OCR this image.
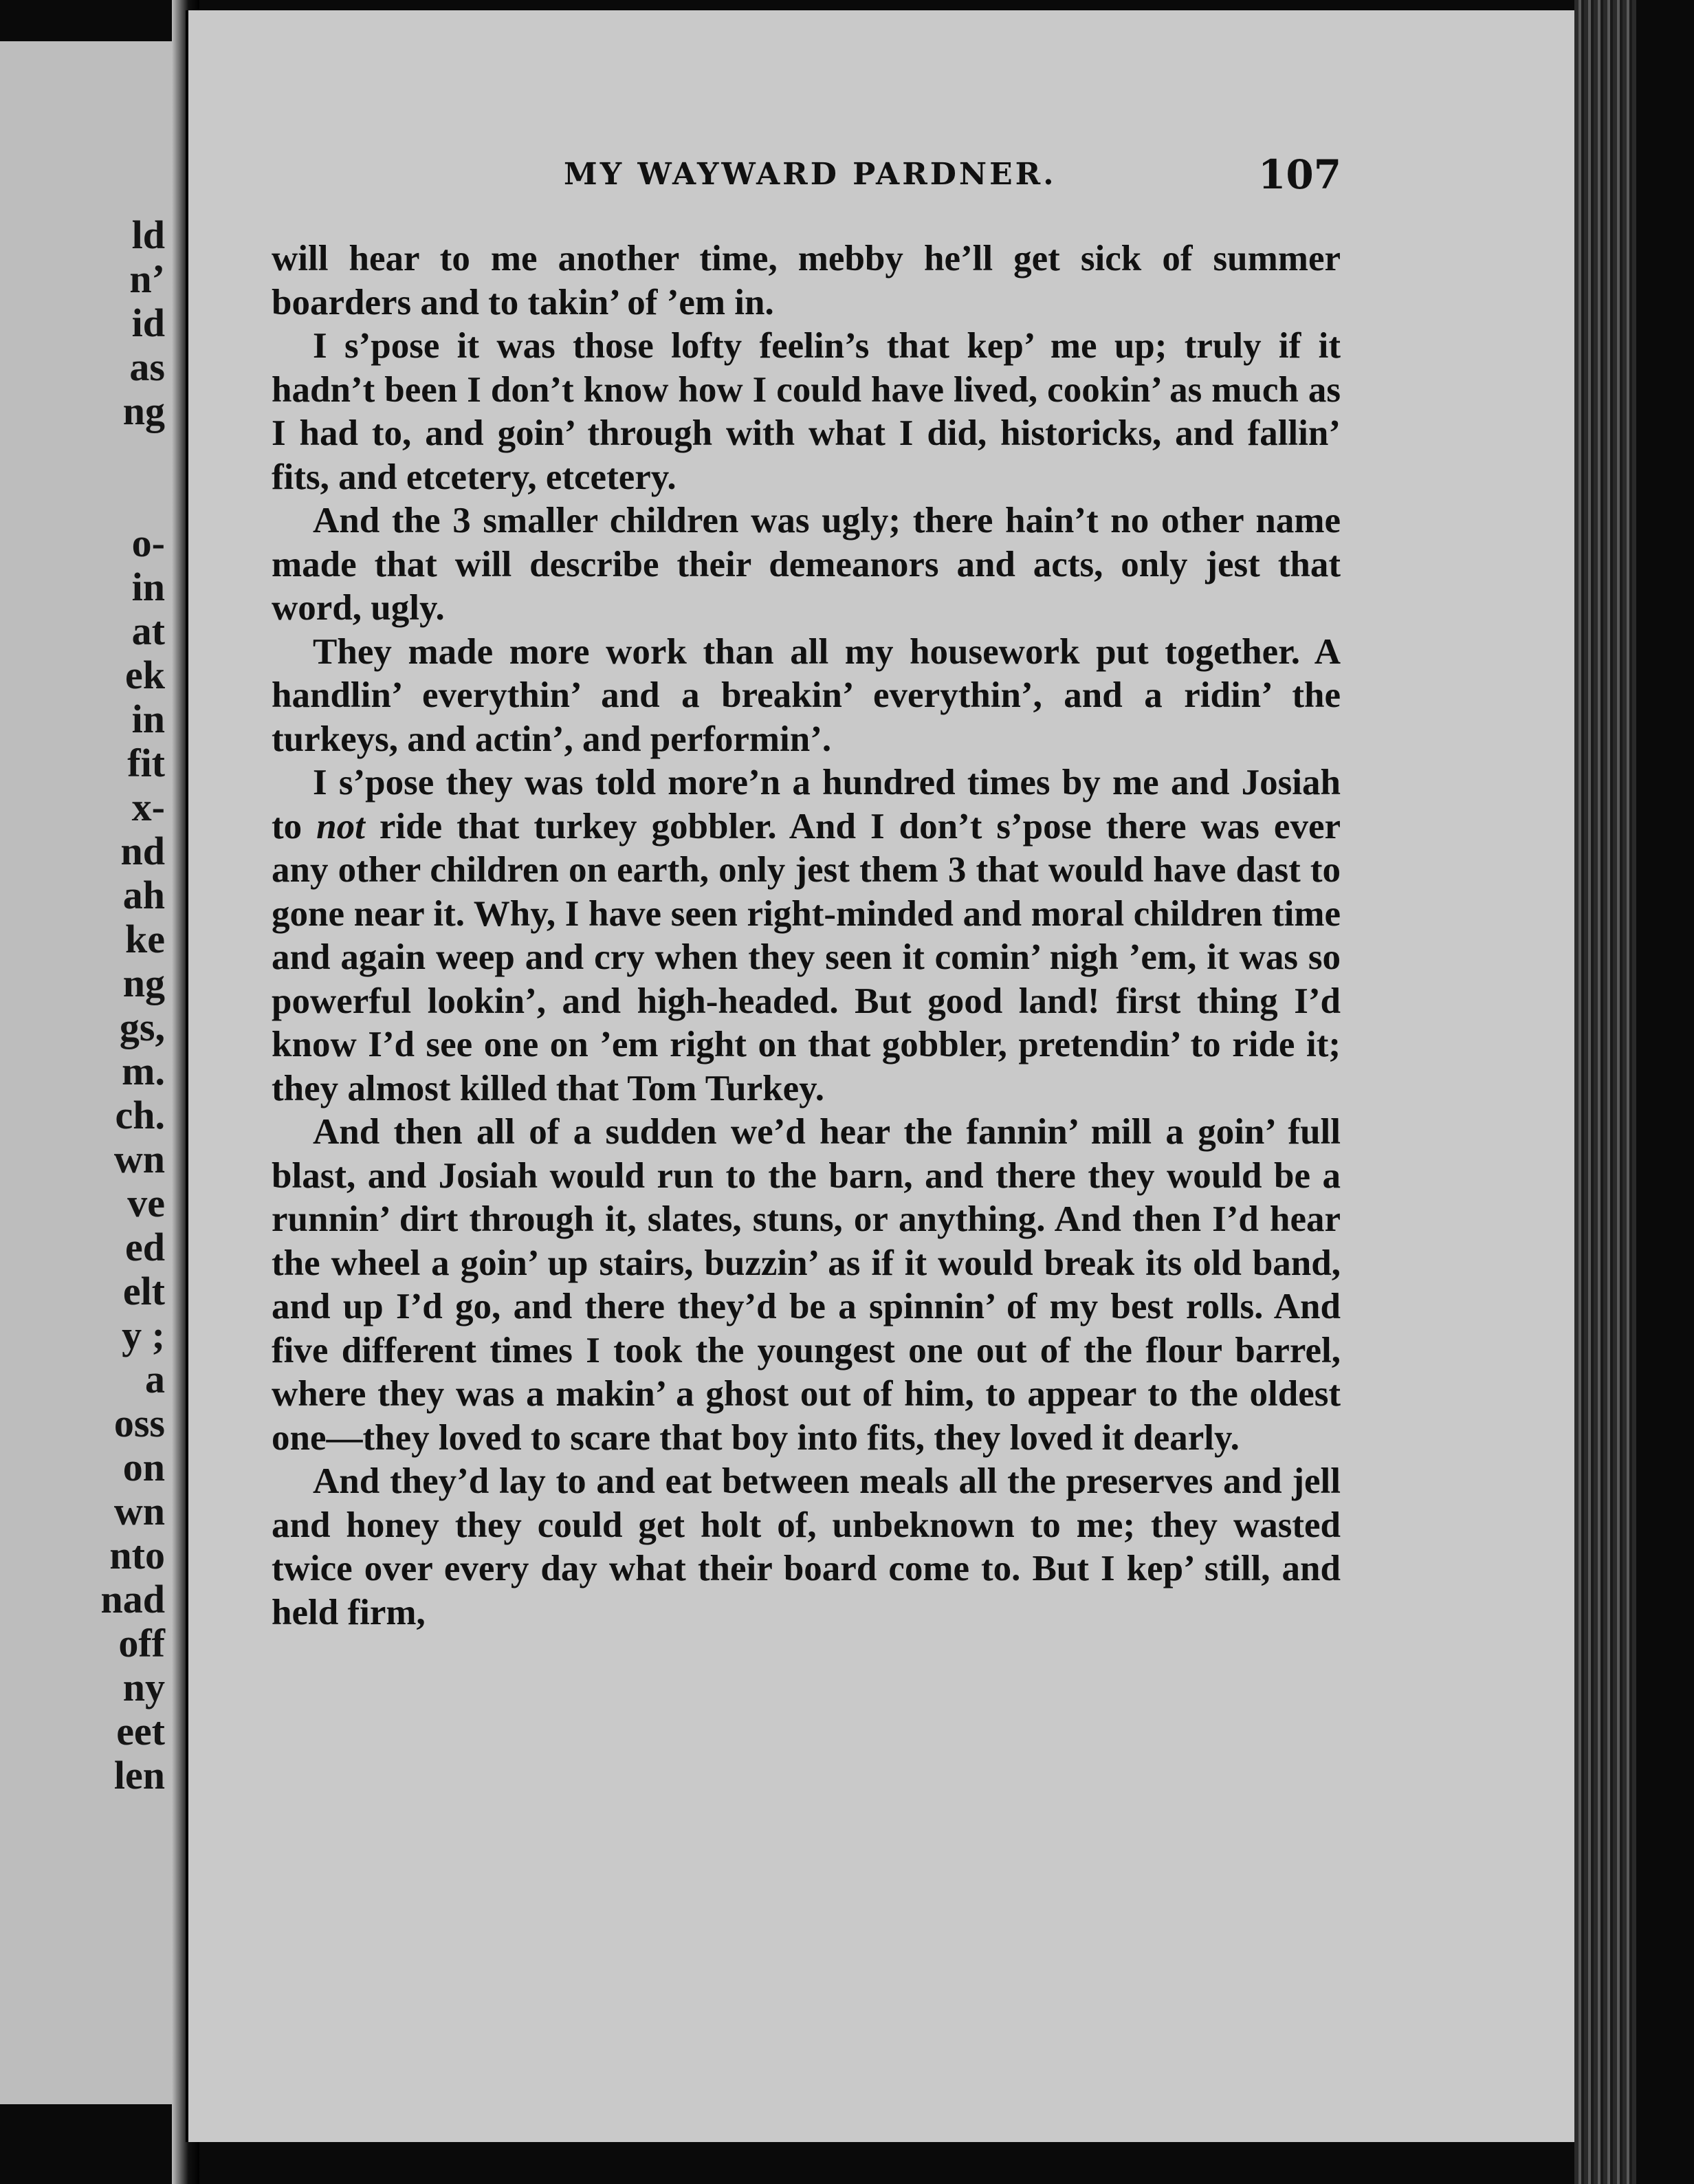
ld
n’
id
as
ng
o-
in
at
ek
in
fit
x-
nd
ah
ke
ng
gs,
m.
ch.
wn
ve
ed
elt
y ;
a
oss
on
wn
nto
nad
off
ny
eet
len
MY WAYWARD PARDNER.	107

will hear to me another time, mebby he’ll get sick of summer boarders and to takin’ of ’em in.

I s’pose it was those lofty feelin’s that kep’ me up; truly if it hadn’t been I don’t know how I could have lived, cookin’ as much as I had to, and goin’ through with what I did, historicks, and fallin’ fits, and etcetery, etcetery.

And the 3 smaller children was ugly; there hain’t no other name made that will describe their demeanors and acts, only jest that word, ugly.

They made more work than all my housework put together. A handlin’ everythin’ and a breakin’ everythin’, and a ridin’ the turkeys, and actin’, and performin’.

I s’pose they was told more’n a hundred times by me and Josiah to not ride that turkey gobbler. And I don’t s’pose there was ever any other children on earth, only jest them 3 that would have dast to gone near it. Why, I have seen right-minded and moral children time and again weep and cry when they seen it comin’ nigh ’em, it was so powerful lookin’, and high-headed. But good land! first thing I’d know I’d see one on ’em right on that gobbler, pretendin’ to ride it; they almost killed that Tom Turkey.

And then all of a sudden we’d hear the fannin’ mill a goin’ full blast, and Josiah would run to the barn, and there they would be a runnin’ dirt through it, slates, stuns, or anything. And then I’d hear the wheel a goin’ up stairs, buzzin’ as if it would break its old band, and up I’d go, and there they’d be a spinnin’ of my best rolls. And five different times I took the youngest one out of the flour barrel, where they was a makin’ a ghost out of him, to appear to the oldest one—they loved to scare that boy into fits, they loved it dearly.

And they’d lay to and eat between meals all the preserves and jell and honey they could get holt of, unbeknown to me; they wasted twice over every day what their board come to. But I kep’ still, and held firm,
